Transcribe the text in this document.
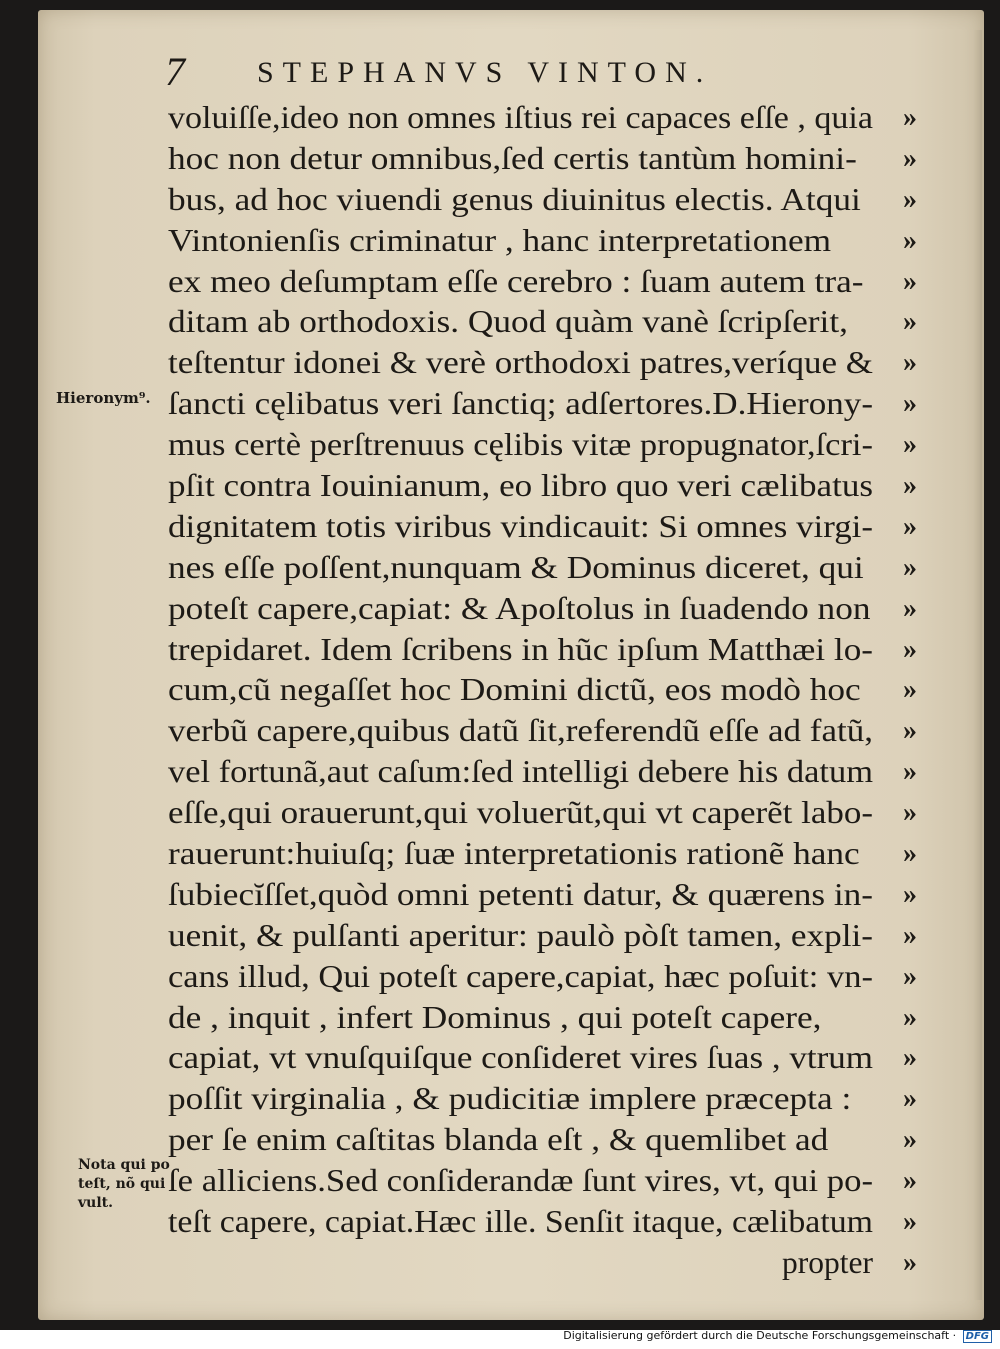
7 STEPHANVS VINTON.
voluiſſe,ideo non omnes iſtius rei capaces eſſe , quia »
hoc non detur omnibus,ſed certis tantùm homini- »
bus, ad hoc viuendi genus diuinitus electis. Atqui »
Vintonienſis criminatur , hanc interpretationem	»
ex meo deſumptam eſſe cerebro : ſuam autem tra- »
ditam ab orthodoxis. Quod quàm vanè ſcripſerit, »
teſtentur idonei & verè orthodoxi patres,veríque & »
ſancti cęlibatus veri ſanctiq; adſertores.D.Hierony- »
mus certè perſtrenuus cęlibis vitæ propugnator,ſcri- »
pſit contra Iouinianum, eo libro quo veri cælibatus »
dignitatem totis viribus vindicauit: Si omnes virgi- »
nes eſſe poſſent,nunquam & Dominus diceret, qui »
poteſt capere,capiat: & Apoſtolus in ſuadendo non »
trepidaret. Idem ſcribens in hũc ipſum Matthæi lo- »
cum,cũ negaſſet hoc Domini dictũ, eos modò hoc »
verbũ capere,quibus datũ ſit,referendũ eſſe ad fatũ, »
vel fortunã,aut caſum:ſed intelligi debere his datum »
eſſe,qui orauerunt,qui voluerũt,qui vt caperẽt labo- »
rauerunt:huiuſq; ſuæ interpretationis rationẽ hanc »
ſubiecĭſſet,quòd omni petenti datur, & quærens in- »
uenit, & pulſanti aperitur: paulò pòſt tamen, expli- »
cans illud, Qui poteſt capere,capiat, hæc poſuit: vn- »
de , inquit , infert Dominus , qui poteſt capere,	»
capiat, vt vnuſquiſque conſideret vires ſuas , vtrum »
poſſit virginalia , & pudicitiæ implere præcepta : »
per ſe enim caſtitas blanda eſt , & quemlibet ad	»
ſe alliciens.Sed conſiderandæ ſunt vires, vt, qui po- »
teſt capere, capiat.Hæc ille. Senſit itaque, cælibatum »
propter »
Hieronym⁹.
Nota qui po
teſt, nõ qui
vult.
Digitalisierung gefördert durch die Deutsche Forschungsgemeinschaft · DFG
